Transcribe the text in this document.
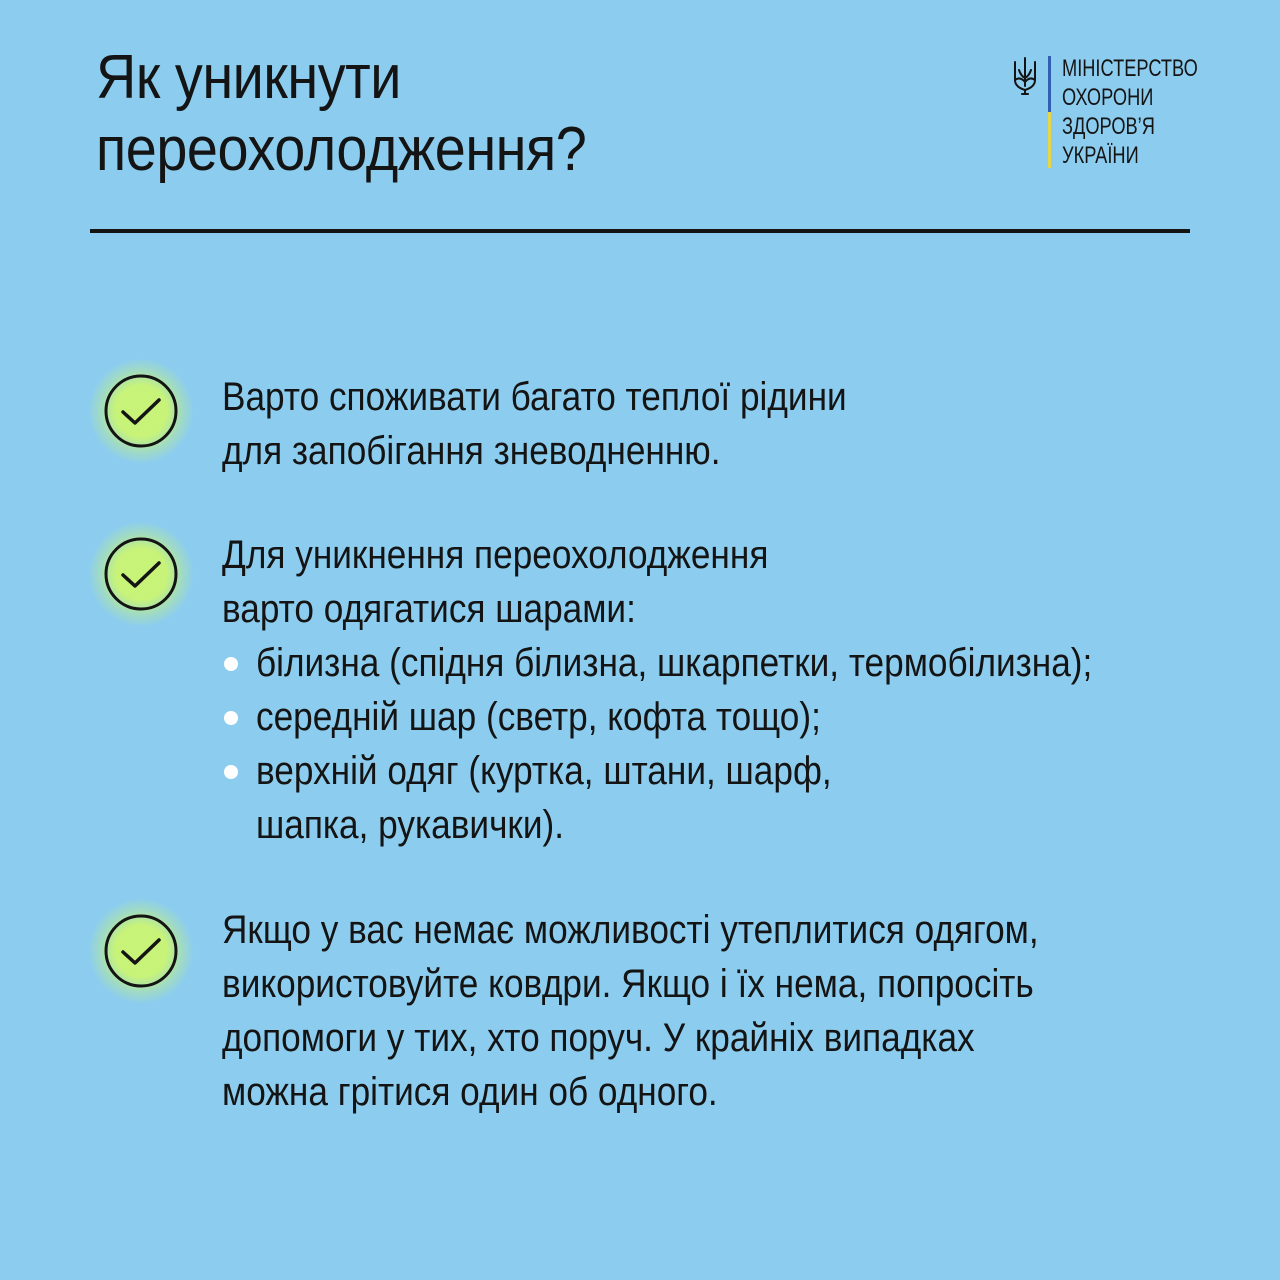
Як уникнути
переохолодження?
МІНІСТЕРСТВО
ОХОРОНИ
ЗДОРОВ’Я
УКРАЇНИ
Варто споживати багато теплої рідини
для запобігання зневодненню.
Для уникнення переохолодження
варто одягатися шарами:
білизна (спідня білизна, шкарпетки, термобілизна);
середній шар (светр, кофта тощо);
верхній одяг (куртка, штани, шарф,
шапка, рукавички).
Якщо у вас немає можливості утеплитися одягом,
використовуйте ковдри. Якщо і їх нема, попросіть
допомоги у тих, хто поруч. У крайніх випадках
можна грітися один об одного.
